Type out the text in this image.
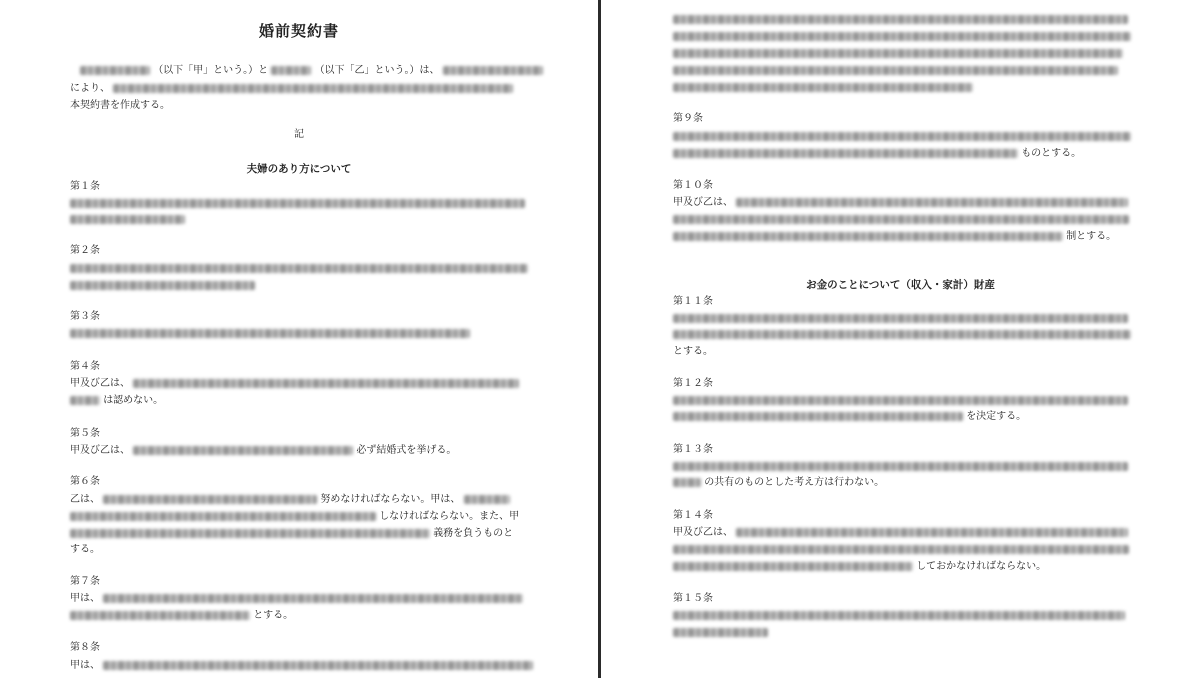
婚前契約書
（以下「甲」という。）と	（以下「乙」という。）は、
により、
本契約書を作成する。
記
夫婦のあり方について
第１条
第２条
第３条
第４条
甲及び乙は、
は認めない。
第５条
甲及び乙は、	必ず結婚式を挙げる。
第６条
乙は、	努めなければならない。甲は、
しなければならない。また、甲
義務を負うものと
する。
第７条
甲は、
とする。
第８条
甲は、
第９条
ものとする。
第１０条
甲及び乙は、
制とする。
お金のことについて（収入・家計）財産
第１１条
とする。
第１２条
を決定する。
第１３条
の共有のものとした考え方は行わない。
第１４条
甲及び乙は、
しておかなければならない。
第１５条
